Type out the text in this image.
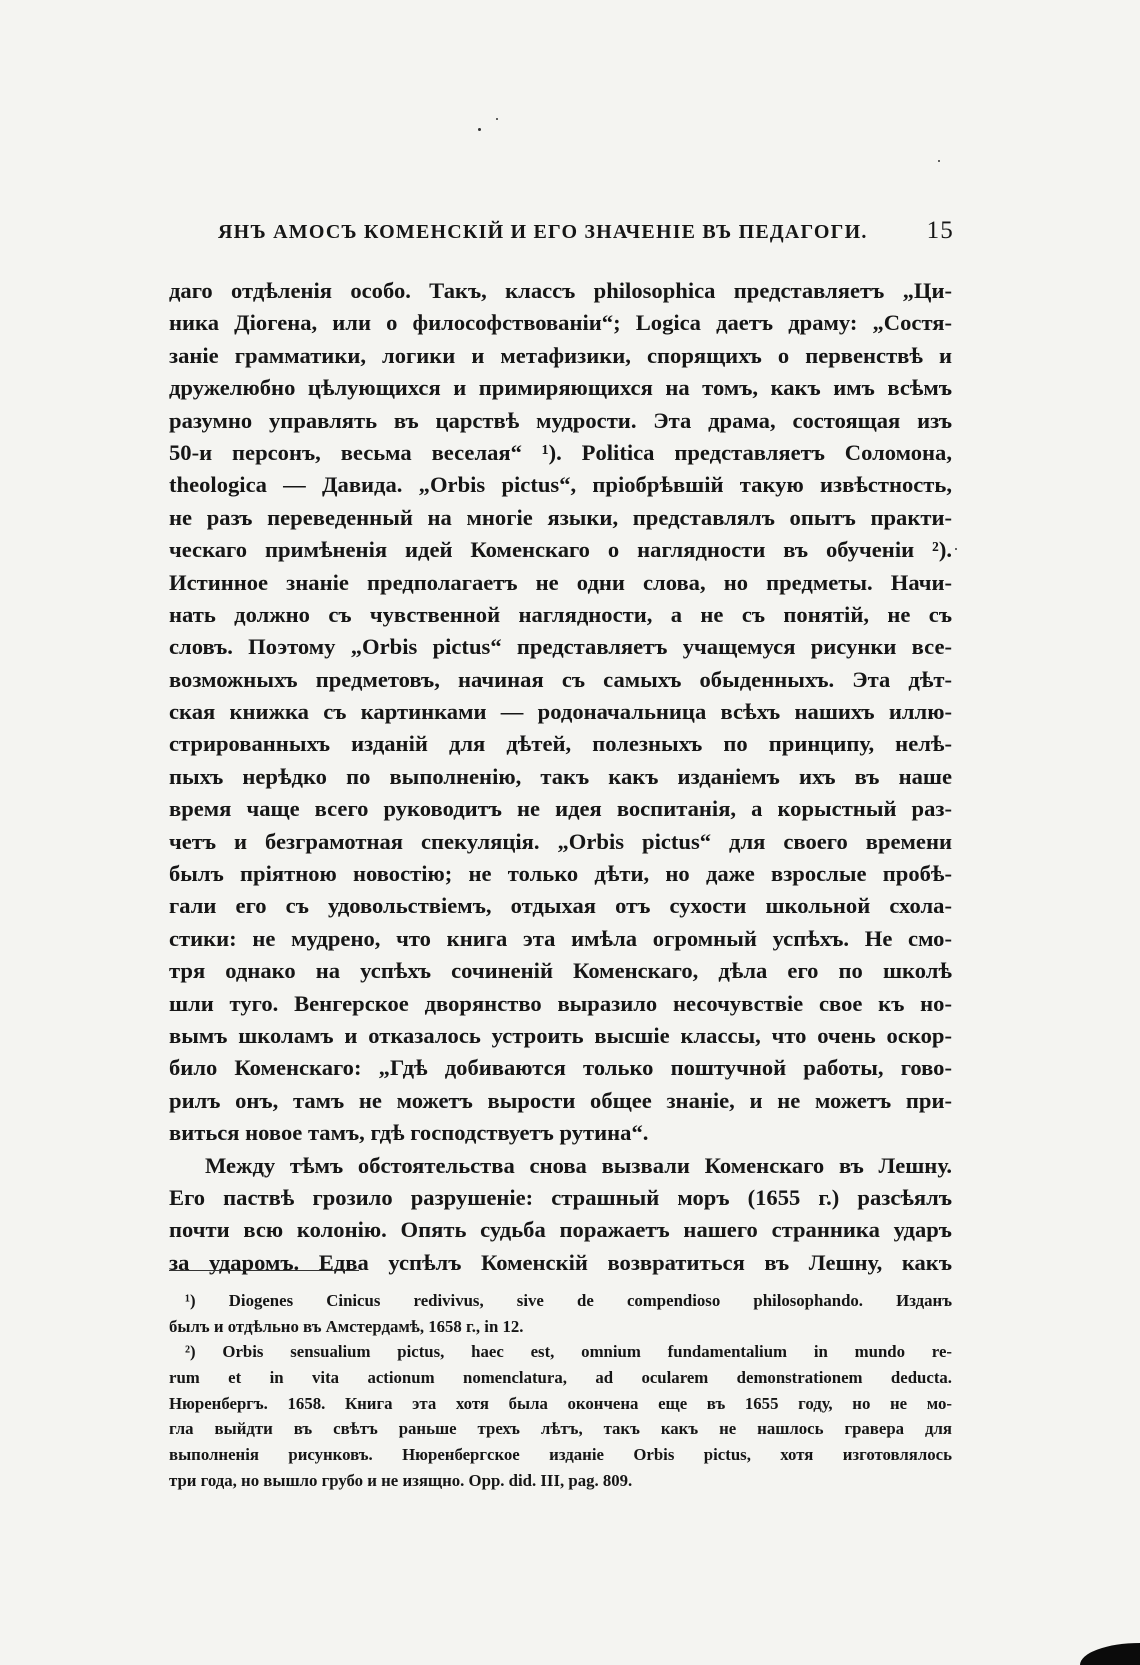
ЯНЪ АМОСЪ КОМЕНСКІЙ И ЕГО ЗНАЧЕНІЕ ВЪ ПЕДАГОГИ. 15
даго отдѣленія особо. Такъ, классъ philosophica представляетъ „Ци-
ника Діогена, или о философствованіи“; Logica даетъ драму: „Состя-
заніе грамматики, логики и метафизики, спорящихъ о первенствѣ и
дружелюбно цѣлующихся и примиряющихся на томъ, какъ имъ всѣмъ
разумно управлять въ царствѣ мудрости. Эта драма, состоящая изъ
50-и персонъ, весьма веселая“ ¹). Politica представляетъ Соломона,
theologica — Давида. „Orbis pictus“, пріобрѣвшій такую извѣстность,
не разъ переведенный на многіе языки, представлялъ опытъ практи-
ческаго примѣненія идей Коменскаго о наглядности въ обученіи ²).
Истинное знаніе предполагаетъ не одни слова, но предметы. Начи-
нать должно съ чувственной наглядности, а не съ понятій, не съ
словъ. Поэтому „Orbis pictus“ представляетъ учащемуся рисунки все-
возможныхъ предметовъ, начиная съ самыхъ обыденныхъ. Эта дѣт-
ская книжка съ картинками — родоначальница всѣхъ нашихъ иллю-
стрированныхъ изданій для дѣтей, полезныхъ по принципу, нелѣ-
пыхъ нерѣдко по выполненію, такъ какъ изданіемъ ихъ въ наше
время чаще всего руководитъ не идея воспитанія, а корыстный раз-
четъ и безграмотная спекуляція. „Orbis pictus“ для своего времени
былъ пріятною новостію; не только дѣти, но даже взрослые пробѣ-
гали его съ удовольствіемъ, отдыхая отъ сухости школьной схола-
стики: не мудрено, что книга эта имѣла огромный успѣхъ. Не смо-
тря однако на успѣхъ сочиненій Коменскаго, дѣла его по школѣ
шли туго. Венгерское дворянство выразило несочувствіе свое къ но-
вымъ школамъ и отказалось устроить высшіе классы, что очень оскор-
било Коменскаго: „Гдѣ добиваются только поштучной работы, гово-
рилъ онъ, тамъ не можетъ вырости общее знаніе, и не можетъ при-
виться новое тамъ, гдѣ господствуетъ рутина“.
Между тѣмъ обстоятельства снова вызвали Коменскаго въ Лешну.
Его паствѣ грозило разрушеніе: страшный моръ (1655 г.) разсѣялъ
почти всю колонію. Опять судьба поражаетъ нашего странника ударъ
за ударомъ. Едва успѣлъ Коменскій возвратиться въ Лешну, какъ
¹) Diogenes Cinicus redivivus, sive de compendioso philosophando. Изданъ
былъ и отдѣльно въ Амстердамѣ, 1658 г., in 12.
²) Orbis sensualium pictus, haec est, omnium fundamentalium in mundo re-
rum et in vita actionum nomenclatura, ad ocularem demonstrationem deducta.
Нюренбергъ. 1658. Книга эта хотя была окончена еще въ 1655 году, но не мо-
гла выйдти въ свѣтъ раньше трехъ лѣтъ, такъ какъ не нашлось гравера для
выполненія рисунковъ. Нюренбергское изданіе Orbis pictus, хотя изготовлялось
три года, но вышло грубо и не изящно. Opp. did. III, pag. 809.
